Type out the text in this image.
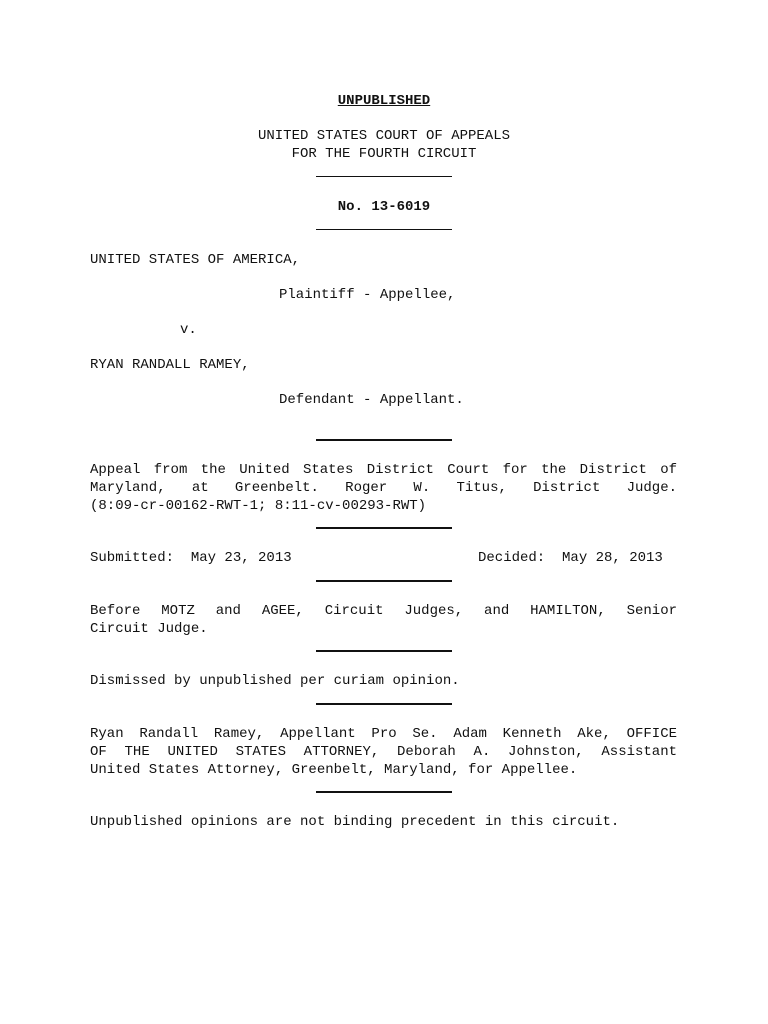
UNPUBLISHED
UNITED STATES COURT OF APPEALS
FOR THE FOURTH CIRCUIT
No. 13-6019
UNITED STATES OF AMERICA,
Plaintiff - Appellee,
v.
RYAN RANDALL RAMEY,
Defendant - Appellant.
Appeal from the United States District Court for the District of
Maryland, at Greenbelt. Roger W. Titus, District Judge.
(8:09-cr-00162-RWT-1; 8:11-cv-00293-RWT)
Submitted:  May 23, 2013	Decided:  May 28, 2013
Before MOTZ and AGEE, Circuit Judges, and HAMILTON, Senior
Circuit Judge.
Dismissed by unpublished per curiam opinion.
Ryan Randall Ramey, Appellant Pro Se. Adam Kenneth Ake, OFFICE
OF THE UNITED STATES ATTORNEY, Deborah A. Johnston, Assistant
United States Attorney, Greenbelt, Maryland, for Appellee.
Unpublished opinions are not binding precedent in this circuit.
